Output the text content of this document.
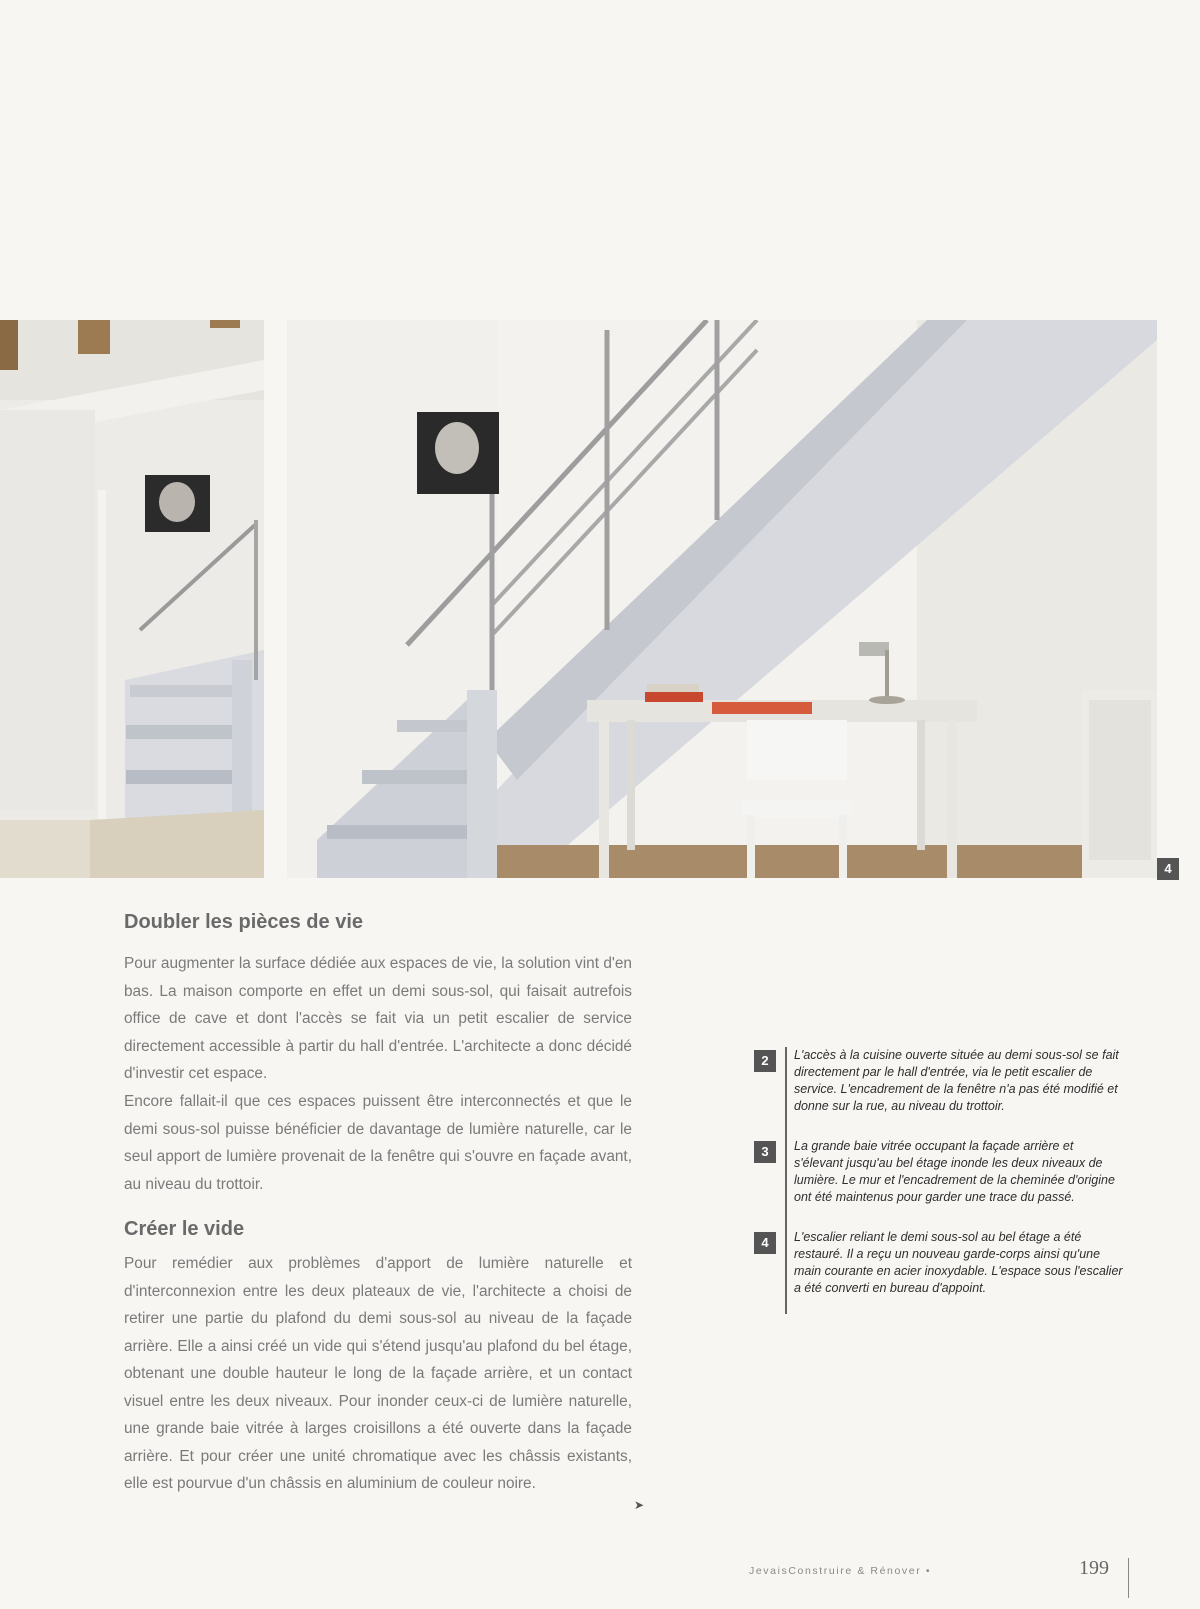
4
Doubler les pièces de vie

Pour augmenter la surface dédiée aux espaces de vie, la solution vint d'en bas. La maison comporte en effet un demi sous-sol, qui faisait autrefois office de cave et dont l'accès se fait via un petit escalier de service directement accessible à partir du hall d'entrée. L'architecte a donc décidé d'investir cet espace.

Encore fallait-il que ces espaces puissent être interconnectés et que le demi sous-sol puisse bénéficier de davantage de lumière naturelle, car le seul apport de lumière provenait de la fenêtre qui s'ouvre en façade avant, au niveau du trottoir.

Créer le vide

Pour remédier aux problèmes d'apport de lumière naturelle et d'interconnexion entre les deux plateaux de vie, l'architecte a choisi de retirer une partie du plafond du demi sous-sol au niveau de la façade arrière. Elle a ainsi créé un vide qui s'étend jusqu'au plafond du bel étage, obtenant une double hauteur le long de la façade arrière, et un contact visuel entre les deux niveaux. Pour inonder ceux-ci de lumière naturelle, une grande baie vitrée à larges croisillons a été ouverte dans la façade arrière. Et pour créer une unité chromatique avec les châssis existants, elle est pourvue d'un châssis en aluminium de couleur noire.

➤
2	L'accès à la cuisine ouverte située au demi sous-sol se fait directement par le hall d'entrée, via le petit escalier de service. L'encadrement de la fenêtre n'a pas été modifié et donne sur la rue, au niveau du trottoir.

3	La grande baie vitrée occupant la façade arrière et s'élevant jusqu'au bel étage inonde les deux niveaux de lumière. Le mur et l'encadrement de la cheminée d'origine ont été maintenus pour garder une trace du passé.

4	L'escalier reliant le demi sous-sol au bel étage a été restauré. Il a reçu un nouveau garde-corps ainsi qu'une main courante en acier inoxydable. L'espace sous l'escalier a été converti en bureau d'appoint.

JevaisConstruire & Rénover •	199
